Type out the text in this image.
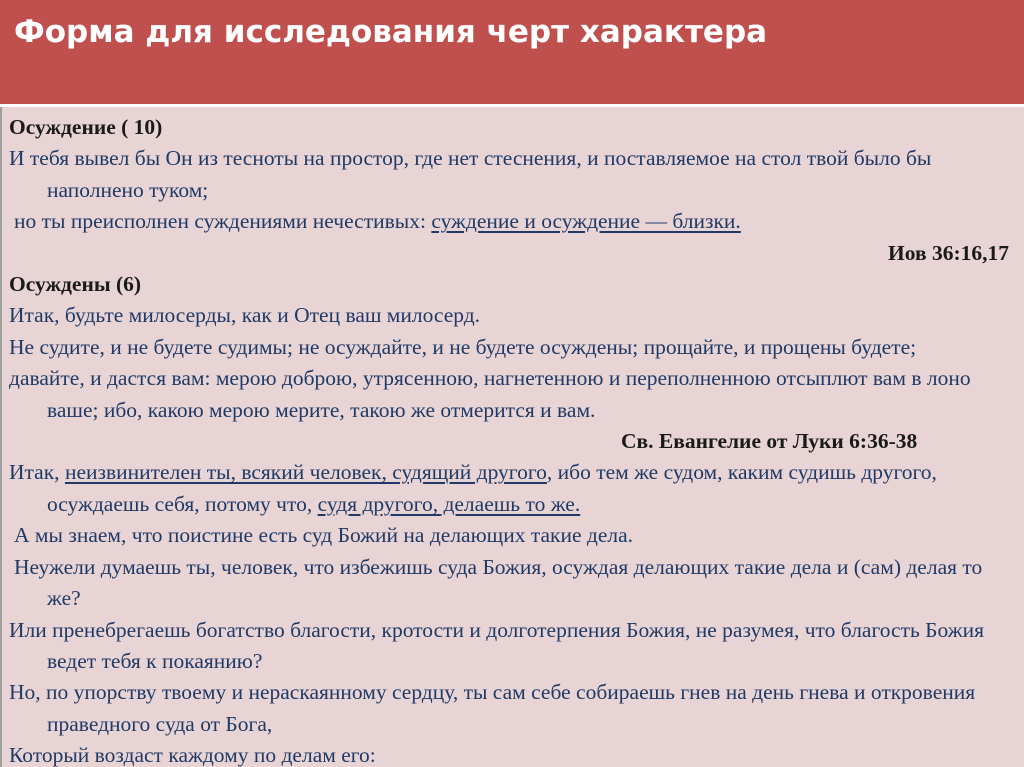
Форма для исследования черт характера

Осуждение ( 10)

И тебя вывел бы Он из тесноты на простор, где нет стеснения, и поставляемое на стол твой было бы наполнено туком;

но ты преисполнен суждениями нечестивых: суждение и осуждение — близки.

Иов 36:16,17

Осуждены (6)

Итак, будьте милосерды, как и Отец ваш милосерд.

Не судите, и не будете судимы; не осуждайте, и не будете осуждены; прощайте, и прощены будете;

давайте, и дастся вам: мерою доброю, утрясенною, нагнетенною и переполненною отсыплют вам в лоно ваше; ибо, какою мерою мерите, такою же отмерится и вам.

Св. Евангелие от Луки 6:36-38

Итак, неизвинителен ты, всякий человек, судящий другого, ибо тем же судом, каким судишь другого, осуждаешь себя, потому что, судя другого, делаешь то же.

А мы знаем, что поистине есть суд Божий на делающих такие дела.

Неужели думаешь ты, человек, что избежишь суда Божия, осуждая делающих такие дела и (сам) делая то же?

Или пренебрегаешь богатство благости, кротости и долготерпения Божия, не разумея, что благость Божия ведет тебя к покаянию?

Но, по упорству твоему и нераскаянному сердцу, ты сам себе собираешь гнев на день гнева и откровения праведного суда от Бога,

Который воздаст каждому по делам его:
